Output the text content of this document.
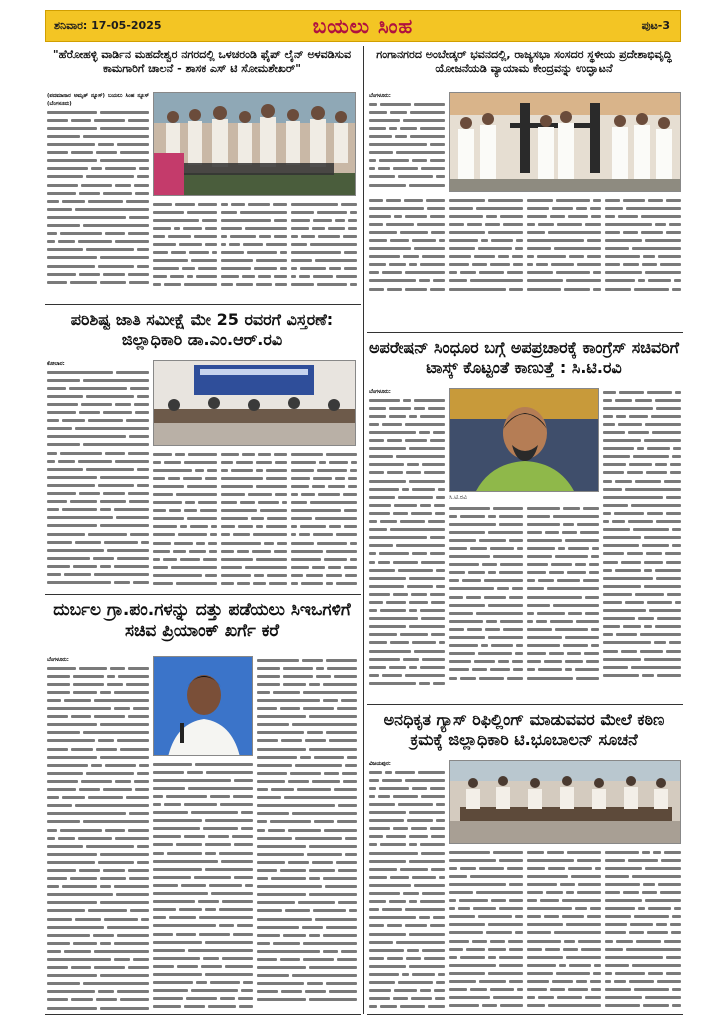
ಶನಿವಾರ: 17-05-2025	ಬಯಲು ಸಿಂಹ	ಪುಟ-3
"ಹೆರೋಹಳ್ಳಿ ವಾರ್ಡಿನ ಮಹದೇಶ್ವರ ನಗರದಲ್ಲಿ ಒಳಚರಂಡಿ ಫೈಪ್ ಲೈನ್ ಅಳವಡಿಸುವ ಕಾಮಗಾರಿಗೆ ಚಾಲನೆ - ಶಾಸಕ ಎಸ್ ಟಿ ಸೋಮಶೇಖರ್"
(ಪದಮಾನಾರ ಅಮೃತ್ ನ್ಯೂಸ್) ಬಯಲು ಸಿಂಹ ನ್ಯೂಸ್ (ಬೆಂಗಳೂರು)
ಗಂಗಾನಗರದ ಅಂಬೇಡ್ಕರ್ ಭವನದಲ್ಲಿ, ರಾಜ್ಯಸಭಾ ಸಂಸದರ ಸ್ಥಳೀಯ ಪ್ರದೇಶಾಭಿವೃದ್ಧಿ ಯೋಜನೆಯಡಿ ವ್ಯಾಯಾಮ ಕೇಂದ್ರವನ್ನು ಉದ್ಘಾಟನೆ
ಬೆಂಗಳೂರು:
ಪರಿಶಿಷ್ಟ ಜಾತಿ ಸಮೀಕ್ಷೆ ಮೇ 25 ರವರಗೆ ವಿಸ್ತರಣೆ: ಜಿಲ್ಲಾಧಿಕಾರಿ ಡಾ.ಎಂ.ಆರ್.ರವಿ
ಕೋಲಾರ:
ಅಪರೇಷನ್ ಸಿಂಧೂರ ಬಗ್ಗೆ ಅಪಪ್ರಚಾರಕ್ಕೆ ಕಾಂಗ್ರೆಸ್ ಸಚಿವರಿಗೆ ಟಾಸ್ಕ್ ಕೊಟ್ಟಂತೆ ಕಾಣುತ್ತೆ : ಸಿ.ಟಿ.ರವಿ
ಬೆಂಗಳೂರು:
ಸಿ.ಟಿ.ರವಿ
ದುರ್ಬಲ ಗ್ರಾ.ಪಂ.ಗಳನ್ನು ದತ್ತು ಪಡೆಯಲು ಸಿಇಒಗಳಿಗೆ ಸಚಿವ ಪ್ರಿಯಾಂಕ್ ಖರ್ಗೆ ಕರೆ
ಬೆಂಗಳೂರು:
ಅನಧಿಕೃತ ಗ್ಯಾಸ್ ರಿಫಿಲ್ಲಿಂಗ್ ಮಾಡುವವರ ಮೇಲೆ ಕಠಿಣ ಕ್ರಮಕ್ಕೆ ಜಿಲ್ಲಾಧಿಕಾರಿ ಟಿ.ಭೂಬಾಲನ್ ಸೂಚನೆ
ವಿಜಯಪುರ:
